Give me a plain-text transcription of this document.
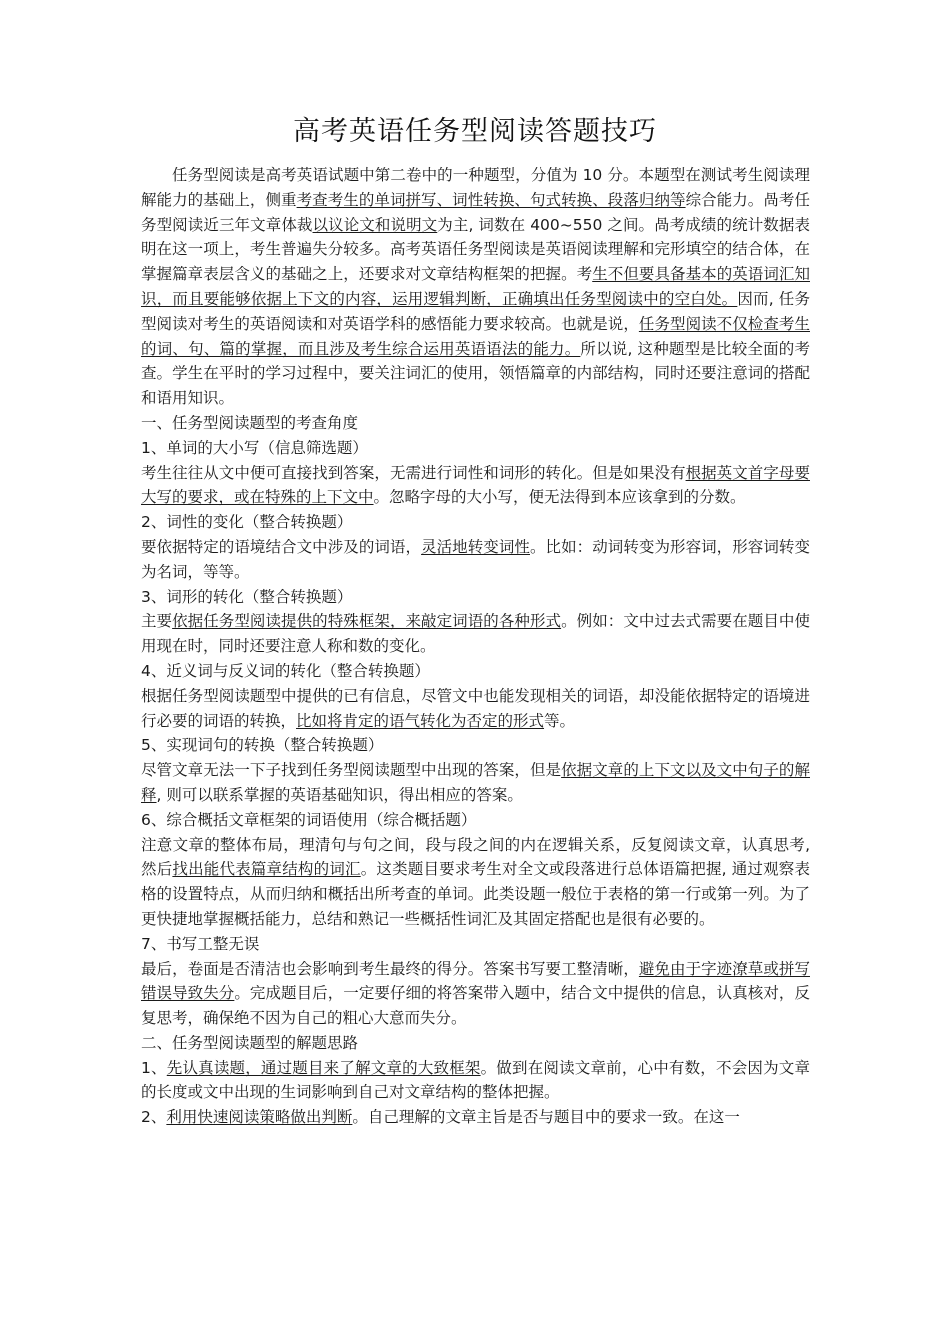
高考英语任务型阅读答题技巧

任务型阅读是高考英语试题中第二卷中的一种题型，分值为 10 分。本题型在测试考生阅读理解能力的基础上，侧重考查考生的单词拼写、词性转换、句式转换、段落归纳等综合能力。咼考任务型阅读近三年文章体裁以议论文和说明文为主, 词数在 400~550 之间。咼考成绩的统计数据表明在这一项上，考生普遍失分较多。高考英语任务型阅读是英语阅读理解和完形填空的结合体，在掌握篇章表层含义的基础之上，还要求对文章结构框架的把握。考生不但要具备基本的英语词汇知识，而且要能够依据上下文的内容，运用逻辑判断，正确填出任务型阅读中的空白处。因而, 任务型阅读对考生的英语阅读和对英语学科的感悟能力要求较高。也就是说，任务型阅读不仅检查考生的词、句、篇的掌握，而且涉及考生综合运用英语语法的能力。所以说, 这种题型是比较全面的考查。学生在平时的学习过程中，要关注词汇的使用，领悟篇章的内部结构，同时还要注意词的搭配和语用知识。

一、任务型阅读题型的考查角度

1、单词的大小写（信息筛选题）

考生往往从文中便可直接找到答案，无需进行词性和词形的转化。但是如果没有根据英文首字母要大写的要求，或在特殊的上下文中。忽略字母的大小写，便无法得到本应该拿到的分数。

2、词性的变化（整合转换题）

要依据特定的语境结合文中涉及的词语，灵活地转变词性。比如：动词转变为形容词，形容词转变为名词，等等。

3、词形的转化（整合转换题）

主要依据任务型阅读提供的特殊框架，来敲定词语的各种形式。例如：文中过去式需要在题目中使用现在时，同时还要注意人称和数的变化。

4、近义词与反义词的转化（整合转换题）

根据任务型阅读题型中提供的已有信息，尽管文中也能发现相关的词语，却没能依据特定的语境进行必要的词语的转换，比如将肯定的语气转化为否定的形式等。

5、实现词句的转换（整合转换题）

尽管文章无法一下子找到任务型阅读题型中出现的答案，但是依据文章的上下文以及文中句子的解释, 则可以联系掌握的英语基础知识，得出相应的答案。

6、综合概括文章框架的词语使用（综合概括题）

注意文章的整体布局，理清句与句之间，段与段之间的内在逻辑关系，反复阅读文章，认真思考, 然后找出能代表篇章结构的词汇。这类题目要求考生对全文或段落进行总体语篇把握, 通过观察表格的设置特点，从而归纳和概括出所考查的单词。此类设题一般位于表格的第一行或第一列。为了更快捷地掌握概括能力，总结和熟记一些概括性词汇及其固定搭配也是很有必要的。

7、书写工整无误

最后，卷面是否清洁也会影响到考生最终的得分。答案书写要工整清晰，避免由于字迹潦草或拼写错误导致失分。完成题目后，一定要仔细的将答案带入题中，结合文中提供的信息，认真核对，反复思考，确保绝不因为自己的粗心大意而失分。

二、任务型阅读题型的解题思路

1、先认真读题，通过题目来了解文章的大致框架。做到在阅读文章前，心中有数，不会因为文章的长度或文中出现的生词影响到自己对文章结构的整体把握。

2、利用快速阅读策略做出判断。自己理解的文章主旨是否与题目中的要求一致。在这一
